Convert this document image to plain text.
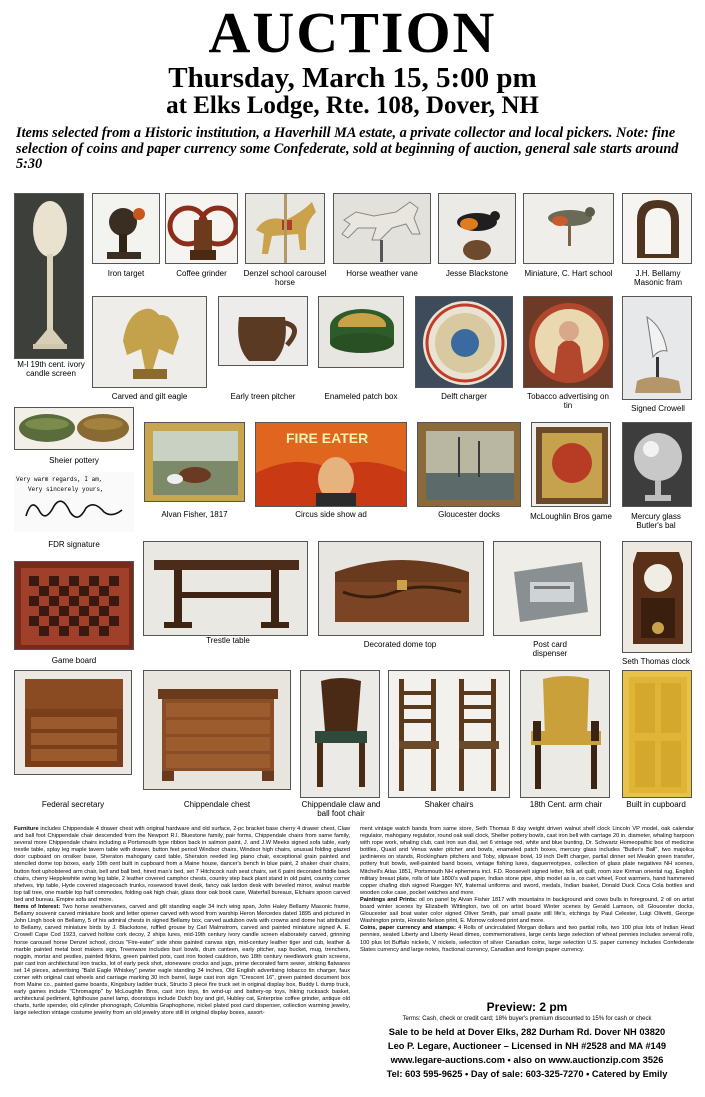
AUCTION
Thursday, March 15, 5:00 pm
at Elks Lodge, Rte. 108, Dover, NH
Items selected from a Historic institution, a Haverhill MA estate, a private collector and local pickers. Note: fine selection of coins and paper currency some Confederate, sold at beginning of auction, general sale starts around 5:30
M-l 19th cent. ivory candle screen
Iron target	Coffee grinder	Denzel school carousel horse
Horse weather vane	Jesse Blackstone	Miniature, C. Hart school	J.H. Bellamy Masonic fram
Carved and gilt eagle	Early treen pitcher	Enameled patch box	Delft charger	Tobacco advertising on tin	Signed Crowell
Sheier pottery
Alvan Fisher, 1817
FIRE EATER
Circus side show ad	Gloucester docks	McLoughlin Bros game	Mercury glass Butler's bal
Very warm regards, I am,
Very sincerely yours,
FDR signature
Game board
Trestle table	Decorated dome top	Post card dispenser
Seth Thomas clock
Federal secretary	Chippendale chest	Chippendale claw and ball foot chair
Shaker chairs	18th Cent. arm chair	Built in cupboard
Furniture includes Chippendale 4 drawer chest with original hardware and old surface, 2-pc bracket base cherry 4 drawer chest, Claw and ball foot Chippendale chair descended from the Newport R.I. Bluestone family, pair forms, Chippendale chairs from same family, several more Chippendale chairs including a Portsmouth type ribbon back in salmon paint, J. and J.W Meeks signed sofa table, early trestle table, splay leg maple tavern table with drawer, button feet period Windsor chairs, Windsor high chairs, unusual folding glazed door cupboard on onsiker base, Sheraton mahogany card table, Sheraton reeded leg piano chair, exceptional grain painted and stenciled dome top boxes, early 19th cent built in cupboard from a Maine house, dancer's bench in blue paint, 2 shaker chair chairs, button foot upholstered arm chair, bell and ball bed, hired man's bed, set 7 Hitchcock rush seat chairs, set 6 paint decorated fiddle back chairs, cherry Hepplewhite swing leg table, 2 leather covered camphor chests, country step back plant stand in old paint, country corner shelves, trip table, Hyde covered stagecoach trunks, rosewood travel desk, fancy oak lardon desk with beveled mirror, walnut marble top tall tree, one marble top half commodes, folding oak high chair, glass door oak book case, Waterfall bureaus, Elchairs spoon carved bed and bureau, Empire sofa and more.
Items of Interest: Two horse weathervanes, carved and gilt standing eagle 34 inch wing span, John Haley Bellamy Masonic frame, Bellamy souvenir carved miniature book and letter opener carved with wood from warship Heron Mercedes dated 1895 and pictured in John Lingh book on Bellamy, 5 of his admiral chests in signed Bellamy box, carved audubon owls with crowns and dome hat attributed to Bellamy, carved miniature birds by J. Blackstone, ruffled grouse by Carl Malmstrom, carved and painted miniature signed A. E. Crowell Cape Cod 1923, carved hollow cork decoy, 2 ships lures, mid-19th century ivory candle screen elaborately carved, grinning horse carousel horse Denzel school, circus "Fire-eater" side show painted canvas sign, mid-century leather tiger and cub, leather & marble painted metal boot makers sign, Treenware includes burl bowls, drum canteen, early pitcher, sap bucket, mug, trenchers, noggin, mortar and pestles, painted firkins, green painted pots, cast iron footed cauldron, two 18th century needlework grain screens, pair cast iron architectural iron tracks, lot of early peck shot, stoneware crocks and jugs, prime decorated farm sewer, striking flatwares set 14 pieces, advertising "Bald Eagle Whiskey" pewter eagle standing 34 inches, Old English advertising tobacco tin charger, faux corner with original cast wheels and carriage marking 30 inch barrel, large cast iron sign "Crescent 16", green painted document box from Maine co., painted game boards, Kingsbury ladder truck, Structo 3 piece fire truck set in original display box, Buddy L dump truck, early games include "Chromagrip" by McLoughlin Bros, cast iron toys, tin wind-up and battery-op toys, hiking rucksack basket, architectural pediment, lighthouse panel lamp, doorstops include Dutch boy and girl, Hubley cat, Enterprise coffee grinder, antique old charts, turtle spender, old cylinder phonograph, Columbia Graphophone, nickel plated post card dispenser, collection warming jewelry, large selection vintage costume jewelry from an old jewelry store still in original display boxes, assort-
ment vintage watch bands from same store, Seth Thomas 8 day weight driven walnut shelf clock Lincoln VP model, oak calendar regulator, mahogany regulator, round oak wall clock, Shelter pottery bowls, cast iron bell with carriage 20 in. diameter, whaling harpoon with rope work, whaling club, cast iron sun dial, set 6 vintage red, white and blue bunting, Dr. Schwartz Homeopathic box of medicine bottles, Quaid and Venus water pitcher and bowls, enameled patch boxes, mercury glass includes "Butler's Ball", two majolica jardinieres on stands, Rockingham pitchers and Toby, slipware bowl, 19 inch Delft charger, partial dinner set Meakin green transfer, pottery fruit bowls, well-painted band boxes, vintage fishing lures, daguerreotypes, collection of glass plate negatives NH scenes, Mitchell's Atlas 1851, Portsmouth NH ephemera incl. F.D. Roosevelt signed letter, folk art quilt, room size Kirman oriental rug, English military breast plate, rolls of late 1800's wall paper, Indian stone pipe, ship model as is, ox cart wheel, Foot warmers, hand hammered copper chafing dish signed Ruegger NY, fraternal uniforms and sword, medals, Indian basket, Donald Duck Coca Cola bottles and wooden coke case, pocket watches and more.
Paintings and Prints: oil on panel by Alvan Fisher 1817 with mountains in background and cows bulls in foreground, 2 oil on artist board winter scenes by Elizabeth Wittington, two oil on artist board Winter scenes by Gerald Lamson, oil: Gloucester docks, Gloucester sail boat water color signed Oliver Smith, pair small paste still life's, etchings by Paul Celester, Luigi Olivetti, George Washington prints, Horatio Nelson print, E. Morrow colored print and more.
Coins, paper currency and stamps: 4 Rolls of uncirculated Morgan dollars and two partial rolls, two 100 plus lots of Indian Head pennies, seated Liberty and Liberty Head dimes, commemoratives, large cents large selection of wheat pennies includes several rolls, 100 plus lot Buffalo nickels, V nickels, selection of silver Canadian coins, large selection U.S. paper currency includes Confederate States currency and large notes, fractional currency, Canadian and foreign paper currency.
Preview: 2 pm
Terms: Cash, check or credit card; 18% buyer's premium discounted to 15% for cash or check
Sale to be held at Dover Elks, 282 Durham Rd. Dover NH 03820
Leo P. Legare, Auctioneer – Licensed in NH #2528 and MA #149
www.legare-auctions.com • also on www.auctionzip.com 3526
Tel: 603 595-9625 • Day of sale: 603-325-7270 • Catered by Emily
